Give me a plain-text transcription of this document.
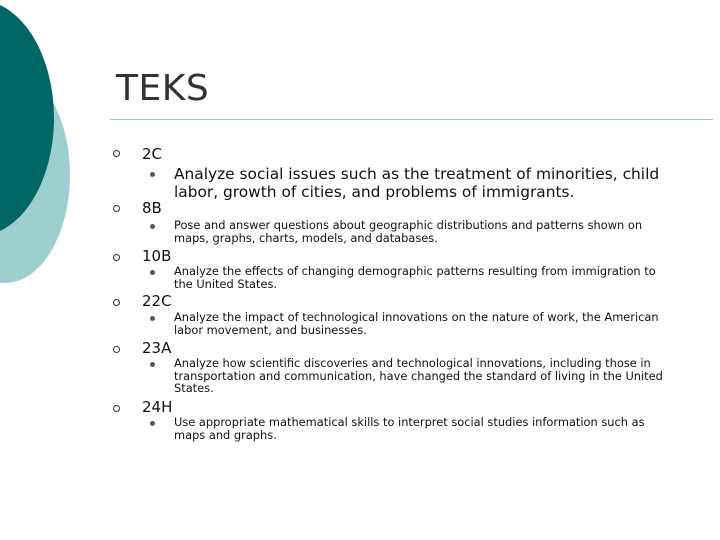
TEKS
2C
Analyze social issues such as the treatment of minorities, child labor, growth of cities, and problems of immigrants.
8B
Pose and answer questions about geographic distributions and patterns shown on maps, graphs, charts, models, and databases.
10B
Analyze the effects of changing demographic patterns resulting from immigration to the United States.
22C
Analyze the impact of technological innovations on the nature of work, the American labor movement, and businesses.
23A
Analyze how scientific discoveries and technological innovations, including those in transportation and communication, have changed the standard of living in the United States.
24H
Use appropriate mathematical skills to interpret social studies information such as maps and graphs.
